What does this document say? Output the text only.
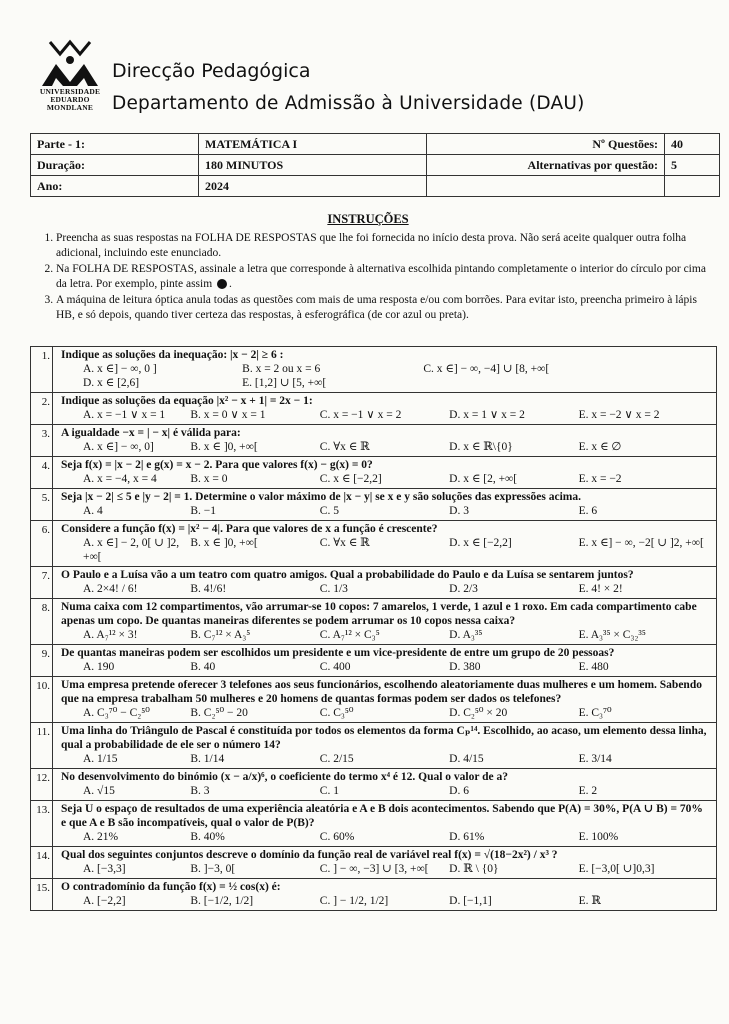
UNIVERSIDADE
EDUARDO
MONDLANE
Direcção Pedagógica
Departamento de Admissão à Universidade (DAU)
Parte - 1:	MATEMÁTICA I	Nº Questões:	40
Duração:	180 MINUTOS	Alternativas por questão:	5
Ano:	2024		
INSTRUÇÕES
1. Preencha as suas respostas na FOLHA DE RESPOSTAS que lhe foi fornecida no início desta prova. Não será aceite qualquer outra folha adicional, incluindo este enunciado.
2. Na FOLHA DE RESPOSTAS, assinale a letra que corresponde à alternativa escolhida pintando completamente o interior do círculo por cima da letra. Por exemplo, pinte assim .
3. A máquina de leitura óptica anula todas as questões com mais de uma resposta e/ou com borrões. Para evitar isto, preencha primeiro à lápis HB, e só depois, quando tiver certeza das respostas, à esferográfica (de cor azul ou preta).
1. Indique as soluções da inequação: |x − 2| ≥ 6 :
A. x ∈] − ∞, 0 ]	B. x = 2 ou x = 6	C. x ∈] − ∞, −4] ∪ [8, +∞[
D. x ∈ [2,6]	E. [1,2] ∪ [5, +∞[
2. Indique as soluções da equação |x² − x + 1| = 2x − 1:
A. x = −1 ∨ x = 1	B. x = 0 ∨ x = 1	C. x = −1 ∨ x = 2	D. x = 1 ∨ x = 2	E. x = −2 ∨ x = 2
3. A igualdade −x = | − x| é válida para:
A. x ∈] − ∞, 0]	B. x ∈ ]0, +∞[	C. ∀x ∈ ℝ	D. x ∈ ℝ\{0}	E. x ∈ ∅
4. Seja f(x) = |x − 2| e g(x) = x − 2. Para que valores f(x) − g(x) = 0?
A. x = −4, x = 4	B. x = 0	C. x ∈ [−2,2]	D. x ∈ [2, +∞[	E. x = −2
5. Seja |x − 2| ≤ 5 e |y − 2| = 1. Determine o valor máximo de |x − y| se x e y são soluções das expressões acima.
A. 4	B. −1	C. 5	D. 3	E. 6
6. Considere a função f(x) = |x² − 4|. Para que valores de x a função é crescente?
A. x ∈] − 2, 0[ ∪ ]2, +∞[
B. x ∈ ]0, +∞[	C. ∀x ∈ ℝ	D. x ∈ [−2,2]	E. x ∈] − ∞, −2[ ∪ ]2, +∞[
7. O Paulo e a Luísa vão a um teatro com quatro amigos. Qual a probabilidade do Paulo e da Luísa se sentarem juntos?
A. 2×4! / 6!	B. 4!/6!	C. 1/3	D. 2/3	E. 4! × 2!
8. Numa caixa com 12 compartimentos, vão arrumar-se 10 copos: 7 amarelos, 1 verde, 1 azul e 1 roxo. Em cada compartimento cabe apenas um copo. De quantas maneiras diferentes se podem arrumar os 10 copos nessa caixa?
A. A₇¹² × 3!	B. C₇¹² × A₃⁵	C. A₇¹² × C₃⁵	D. A₃³⁵	E. A₃³⁵ × C₃₂³⁵
9. De quantas maneiras podem ser escolhidos um presidente e um vice-presidente de entre um grupo de 20 pessoas?
A. 190	B. 40	C. 400	D. 380	E. 480
10. Uma empresa pretende oferecer 3 telefones aos seus funcionários, escolhendo aleatoriamente duas mulheres e um homem. Sabendo que na empresa trabalham 50 mulheres e 20 homens de quantas formas podem ser dados os telefones?
A. C₃⁷⁰ − C₂⁵⁰	B. C₂⁵⁰ − 20	C. C₃⁵⁰	D. C₂⁵⁰ × 20	E. C₃⁷⁰
11. Uma linha do Triângulo de Pascal é constituída por todos os elementos da forma Cₚ¹⁴. Escolhido, ao acaso, um elemento dessa linha, qual a probabilidade de ele ser o número 14?
A. 1/15	B. 1/14	C. 2/15	D. 4/15	E. 3/14
12. No desenvolvimento do binómio (x − a/x)⁶, o coeficiente do termo x⁴ é 12. Qual o valor de a?
A. √15	B. 3	C. 1	D. 6	E. 2
13. Seja U o espaço de resultados de uma experiência aleatória e A e B dois acontecimentos. Sabendo que P(A) = 30%, P(A ∪ B) = 70% e que A e B são incompatíveis, qual o valor de P(B)?
A. 21%	B. 40%	C. 60%	D. 61%	E. 100%
14. Qual dos seguintes conjuntos descreve o domínio da função real de variável real f(x) = √(18−2x²) / x³ ?
A. [−3,3]	B. ]−3, 0[	C. ] − ∞, −3] ∪ [3, +∞[	D. ℝ \ {0}	E. [−3,0[ ∪]0,3]
15. O contradomínio da função f(x) = ½ cos(x) é:
A. [−2,2]	B. [−1/2, 1/2]	C. ] − 1/2, 1/2]	D. [−1,1]	E. ℝ
